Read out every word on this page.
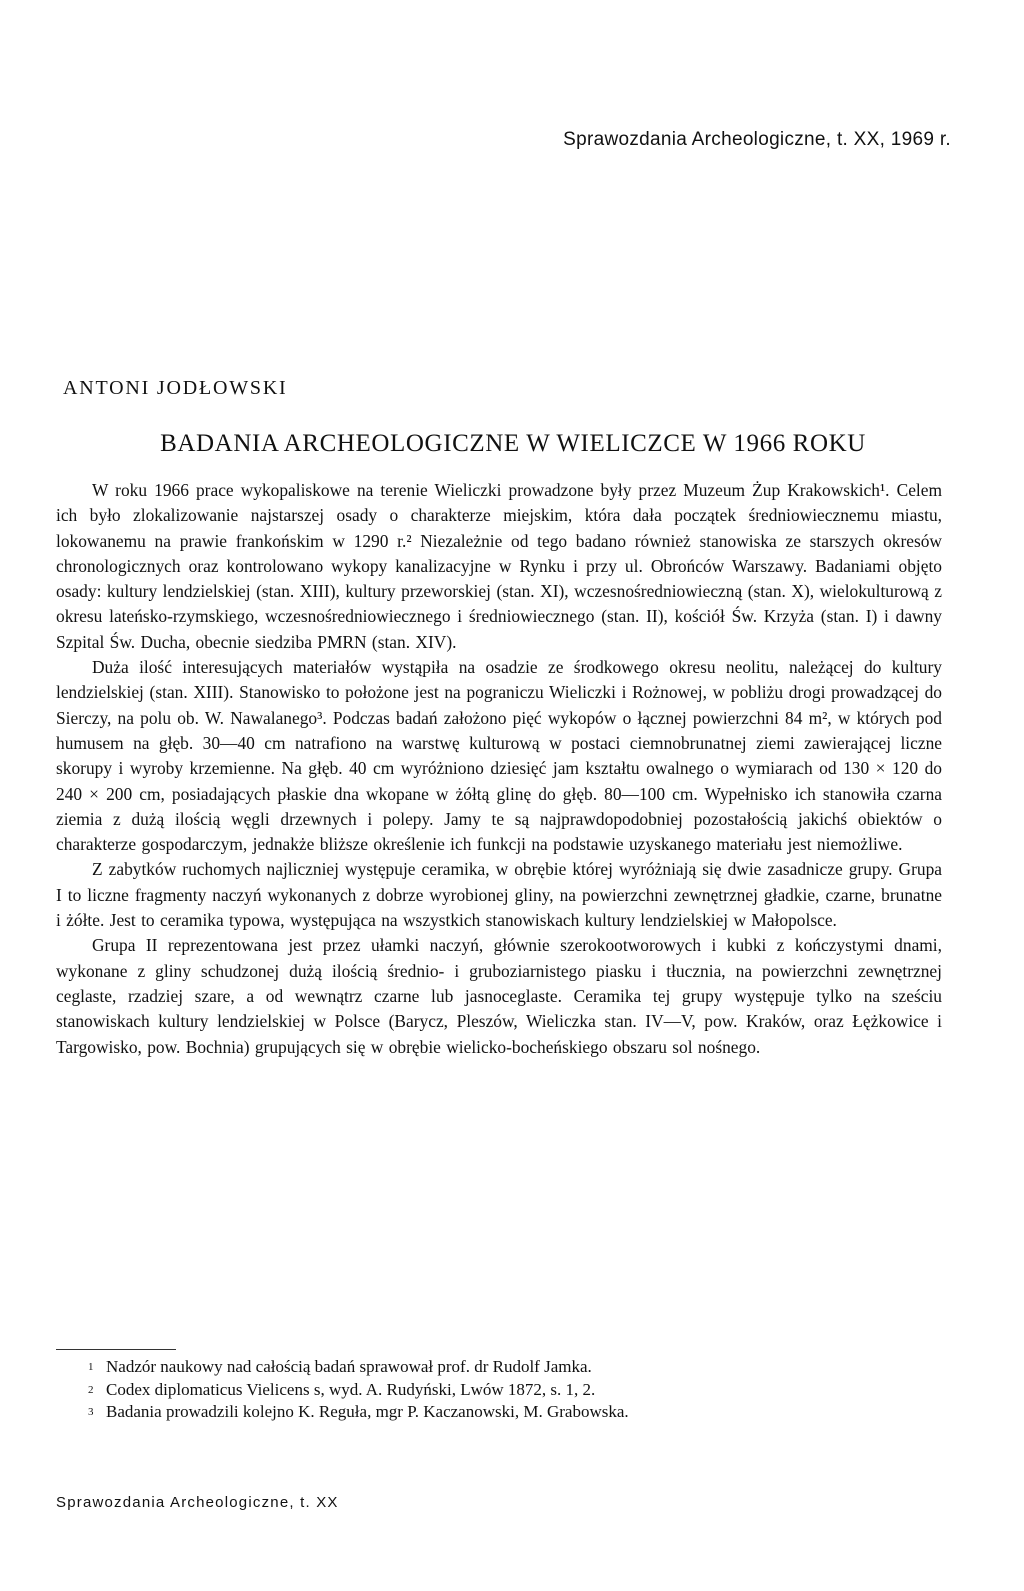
Sprawozdania Archeologiczne, t. XX, 1969 r.
ANTONI JODŁOWSKI
BADANIA ARCHEOLOGICZNE W WIELICZCE W 1966 ROKU

W roku 1966 prace wykopaliskowe na terenie Wieliczki prowadzone były przez Muzeum Żup Krakowskich¹. Celem ich było zlokalizowanie najstarszej osady o charakterze miejskim, która dała początek średniowiecznemu miastu, lokowanemu na prawie frankońskim w 1290 r.² Niezależnie od tego badano również stanowiska ze starszych okresów chronologicznych oraz kontrolowano wykopy kanalizacyjne w Rynku i przy ul. Obrońców Warszawy. Badaniami objęto osady: kultury lendzielskiej (stan. XIII), kultury przeworskiej (stan. XI), wczesnośredniowieczną (stan. X), wielokulturową z okresu lateńsko-rzymskiego, wczesnośredniowiecznego i średniowiecznego (stan. II), kościół Św. Krzyża (stan. I) i dawny Szpital Św. Ducha, obecnie siedziba PMRN (stan. XIV).

Duża ilość interesujących materiałów wystąpiła na osadzie ze środkowego okresu neolitu, należącej do kultury lendzielskiej (stan. XIII). Stanowisko to położone jest na pograniczu Wieliczki i Rożnowej, w pobliżu drogi prowadzącej do Sierczy, na polu ob. W. Nawalanego³. Podczas badań założono pięć wykopów o łącznej powierzchni 84 m², w których pod humusem na głęb. 30—40 cm natrafiono na warstwę kulturową w postaci ciemnobrunatnej ziemi zawierającej liczne skorupy i wyroby krzemienne. Na głęb. 40 cm wyróżniono dziesięć jam kształtu owalnego o wymiarach od 130 × 120 do 240 × 200 cm, posiadających płaskie dna wkopane w żółtą glinę do głęb. 80—100 cm. Wypełnisko ich stanowiła czarna ziemia z dużą ilością węgli drzewnych i polepy. Jamy te są najprawdopodobniej pozostałością jakichś obiektów o charakterze gospodarczym, jednakże bliższe określenie ich funkcji na podstawie uzyskanego materiału jest niemożliwe.

Z zabytków ruchomych najliczniej występuje ceramika, w obrębie której wyróżniają się dwie zasadnicze grupy. Grupa I to liczne fragmenty naczyń wykonanych z dobrze wyrobionej gliny, na powierzchni zewnętrznej gładkie, czarne, brunatne i żółte. Jest to ceramika typowa, występująca na wszystkich stanowiskach kultury lendzielskiej w Małopolsce.

Grupa II reprezentowana jest przez ułamki naczyń, głównie szerokootworowych i kubki z kończystymi dnami, wykonane z gliny schudzonej dużą ilością średnio- i gruboziarnistego piasku i tłucznia, na powierzchni zewnętrznej ceglaste, rzadziej szare, a od wewnątrz czarne lub jasnoceglaste. Ceramika tej grupy występuje tylko na sześciu stanowiskach kultury lendzielskiej w Polsce (Barycz, Pleszów, Wieliczka stan. IV—V, pow. Kraków, oraz Łężkowice i Targowisko, pow. Bochnia) grupujących się w obrębie wielicko-bocheńskiego obszaru sol nośnego.

1 Nadzór naukowy nad całością badań sprawował prof. dr Rudolf Jamka.
2 Codex diplomaticus Vielicens s, wyd. A. Rudyński, Lwów 1872, s. 1, 2.
3 Badania prowadzili kolejno K. Reguła, mgr P. Kaczanowski, M. Grabowska.
Sprawozdania Archeologiczne, t. XX
